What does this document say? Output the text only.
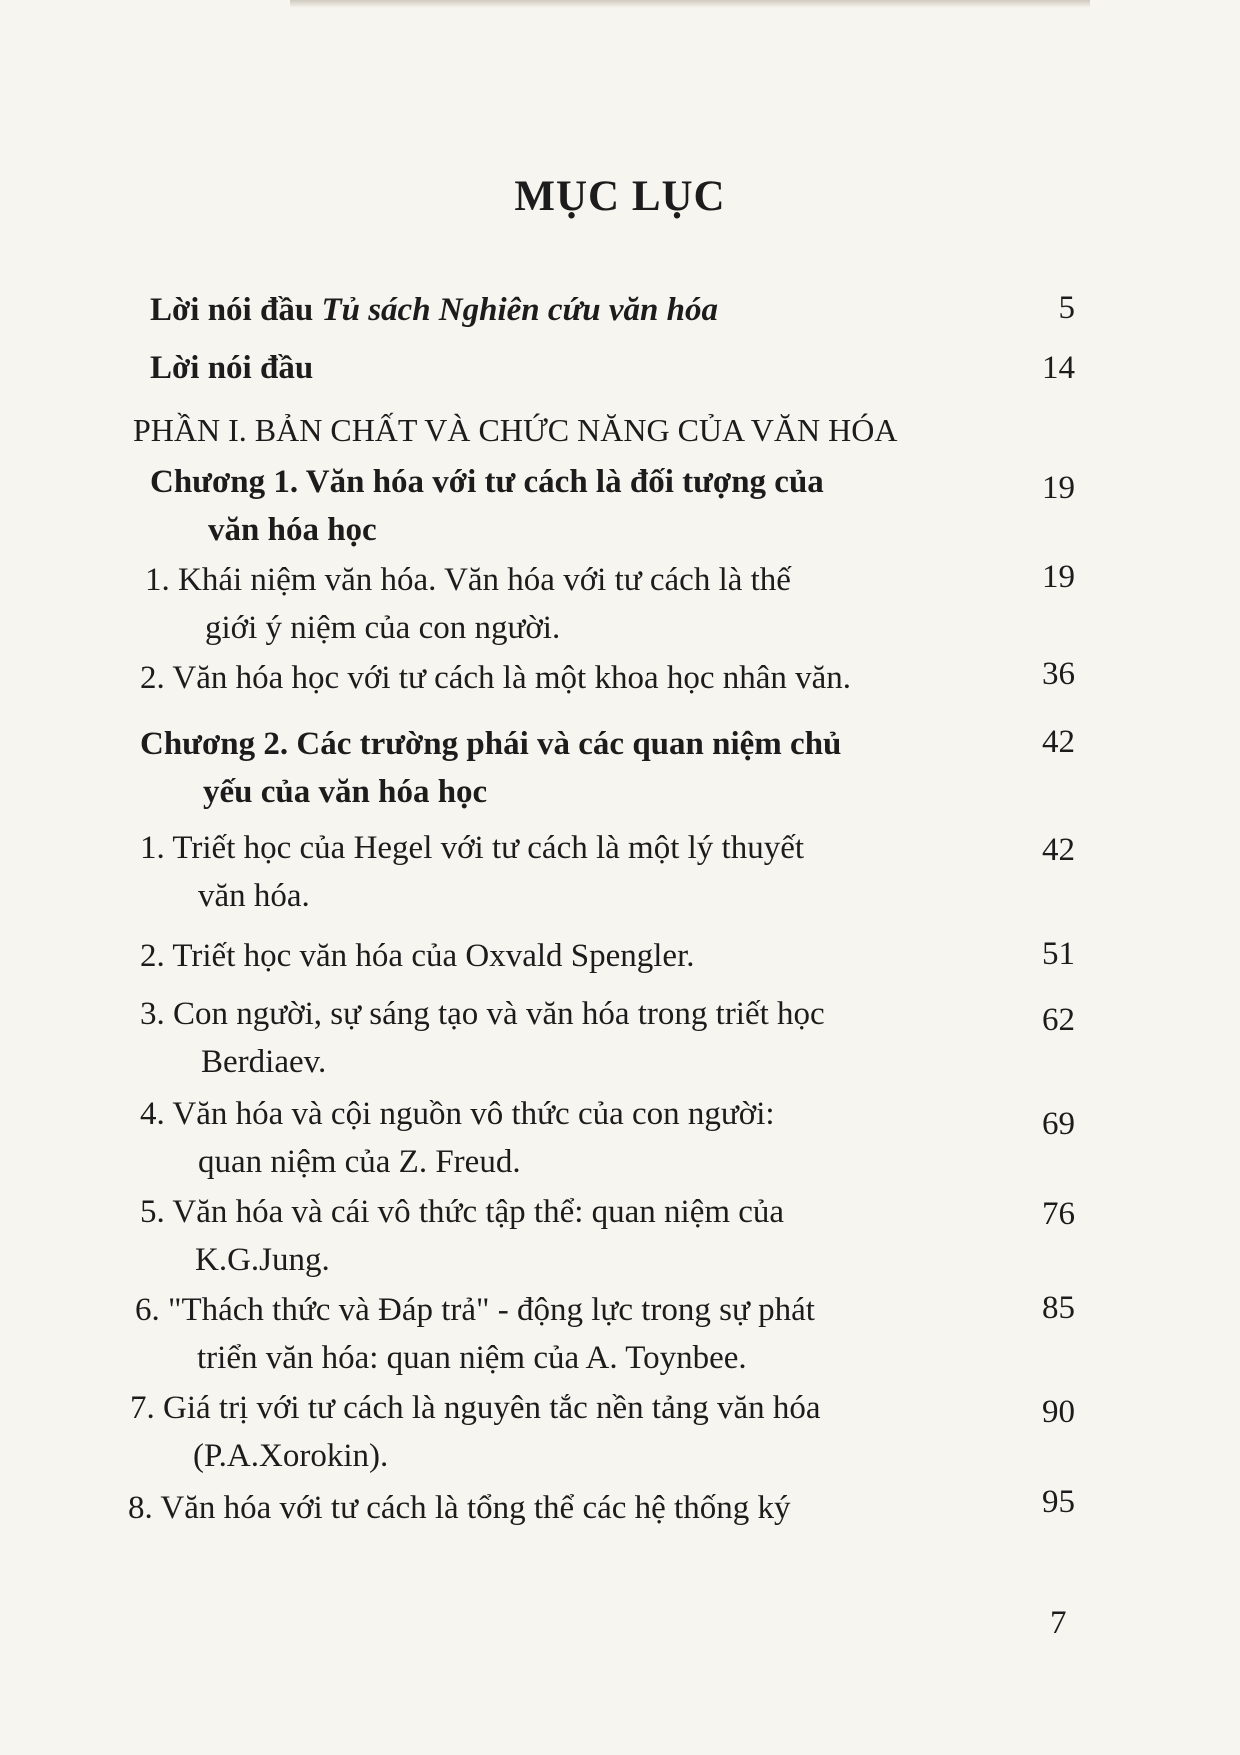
MỤC LỤC
Lời nói đầu Tủ sách Nghiên cứu văn hóa	5
Lời nói đầu	14
PHẦN I. BẢN CHẤT VÀ CHỨC NĂNG CỦA VĂN HÓA
Chương 1. Văn hóa với tư cách là đối tượng của
văn hóa học
19
1. Khái niệm văn hóa. Văn hóa với tư cách là thế
giới ý niệm của con người.
19
2. Văn hóa học với tư cách là một khoa học nhân văn.	36
Chương 2. Các trường phái và các quan niệm chủ
yếu của văn hóa học
42
1. Triết học của Hegel với tư cách là một lý thuyết
văn hóa.
42
2. Triết học văn hóa của Oxvald Spengler.	51
3. Con người, sự sáng tạo và văn hóa trong triết học
Berdiaev.
62
4. Văn hóa và cội nguồn vô thức của con người:
quan niệm của Z. Freud.
69
5. Văn hóa và cái vô thức tập thể: quan niệm của
K.G.Jung.
76
6. "Thách thức và Đáp trả" - động lực trong sự phát
triển văn hóa: quan niệm của A. Toynbee.
85
7. Giá trị với tư cách là nguyên tắc nền tảng văn hóa
(P.A.Xorokin).
90
8. Văn hóa với tư cách là tổng thể các hệ thống ký	95
7
